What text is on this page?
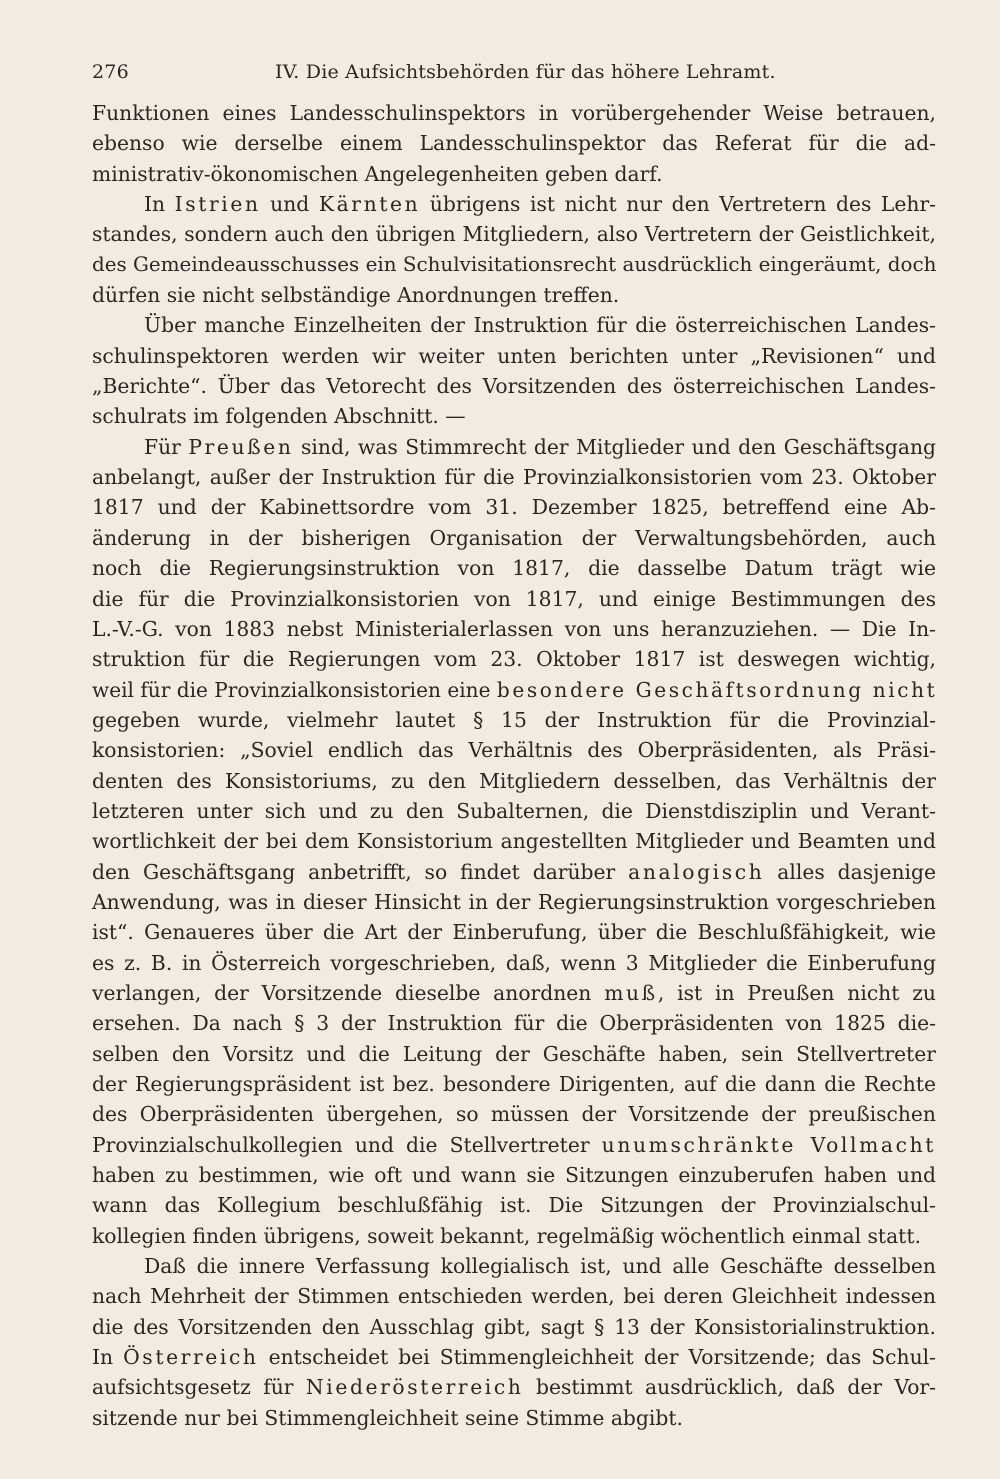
276	IV. Die Aufsichtsbehörden für das höhere Lehramt.
Funktionen eines Landesschulinspektors in vorübergehender Weise betrauen,
ebenso wie derselbe einem Landesschulinspektor das Referat für die ad-
ministrativ-ökonomischen Angelegenheiten geben darf.
In Istrien und Kärnten übrigens ist nicht nur den Vertretern des Lehr-
standes, sondern auch den übrigen Mitgliedern, also Vertretern der Geistlichkeit,
des Gemeindeausschusses ein Schulvisitationsrecht ausdrücklich eingeräumt, doch
dürfen sie nicht selbständige Anordnungen treffen.
Über manche Einzelheiten der Instruktion für die österreichischen Landes-
schulinspektoren werden wir weiter unten berichten unter „Revisionen“ und
„Berichte“. Über das Vetorecht des Vorsitzenden des österreichischen Landes-
schulrats im folgenden Abschnitt. —
Für Preußen sind, was Stimmrecht der Mitglieder und den Geschäftsgang
anbelangt, außer der Instruktion für die Provinzialkonsistorien vom 23. Oktober
1817 und der Kabinettsordre vom 31. Dezember 1825, betreffend eine Ab-
änderung in der bisherigen Organisation der Verwaltungsbehörden, auch
noch die Regierungsinstruktion von 1817, die dasselbe Datum trägt wie
die für die Provinzialkonsistorien von 1817, und einige Bestimmungen des
L.-V.-G. von 1883 nebst Ministerialerlassen von uns heranzuziehen. — Die In-
struktion für die Regierungen vom 23. Oktober 1817 ist deswegen wichtig,
weil für die Provinzialkonsistorien eine besondere Geschäftsordnung nicht
gegeben wurde, vielmehr lautet § 15 der Instruktion für die Provinzial-
konsistorien: „Soviel endlich das Verhältnis des Oberpräsidenten, als Präsi-
denten des Konsistoriums, zu den Mitgliedern desselben, das Verhältnis der
letzteren unter sich und zu den Subalternen, die Dienstdisziplin und Verant-
wortlichkeit der bei dem Konsistorium angestellten Mitglieder und Beamten und
den Geschäftsgang anbetrifft, so findet darüber analogisch alles dasjenige
Anwendung, was in dieser Hinsicht in der Regierungsinstruktion vorgeschrieben
ist“. Genaueres über die Art der Einberufung, über die Beschlußfähigkeit, wie
es z. B. in Österreich vorgeschrieben, daß, wenn 3 Mitglieder die Einberufung
verlangen, der Vorsitzende dieselbe anordnen muß, ist in Preußen nicht zu
ersehen. Da nach § 3 der Instruktion für die Oberpräsidenten von 1825 die-
selben den Vorsitz und die Leitung der Geschäfte haben, sein Stellvertreter
der Regierungspräsident ist bez. besondere Dirigenten, auf die dann die Rechte
des Oberpräsidenten übergehen, so müssen der Vorsitzende der preußischen
Provinzialschulkollegien und die Stellvertreter unumschränkte Vollmacht
haben zu bestimmen, wie oft und wann sie Sitzungen einzuberufen haben und
wann das Kollegium beschlußfähig ist. Die Sitzungen der Provinzialschul-
kollegien finden übrigens, soweit bekannt, regelmäßig wöchentlich einmal statt.
Daß die innere Verfassung kollegialisch ist, und alle Geschäfte desselben
nach Mehrheit der Stimmen entschieden werden, bei deren Gleichheit indessen
die des Vorsitzenden den Ausschlag gibt, sagt § 13 der Konsistorialinstruktion.
In Österreich entscheidet bei Stimmengleichheit der Vorsitzende; das Schul-
aufsichtsgesetz für Niederösterreich bestimmt ausdrücklich, daß der Vor-
sitzende nur bei Stimmengleichheit seine Stimme abgibt.
